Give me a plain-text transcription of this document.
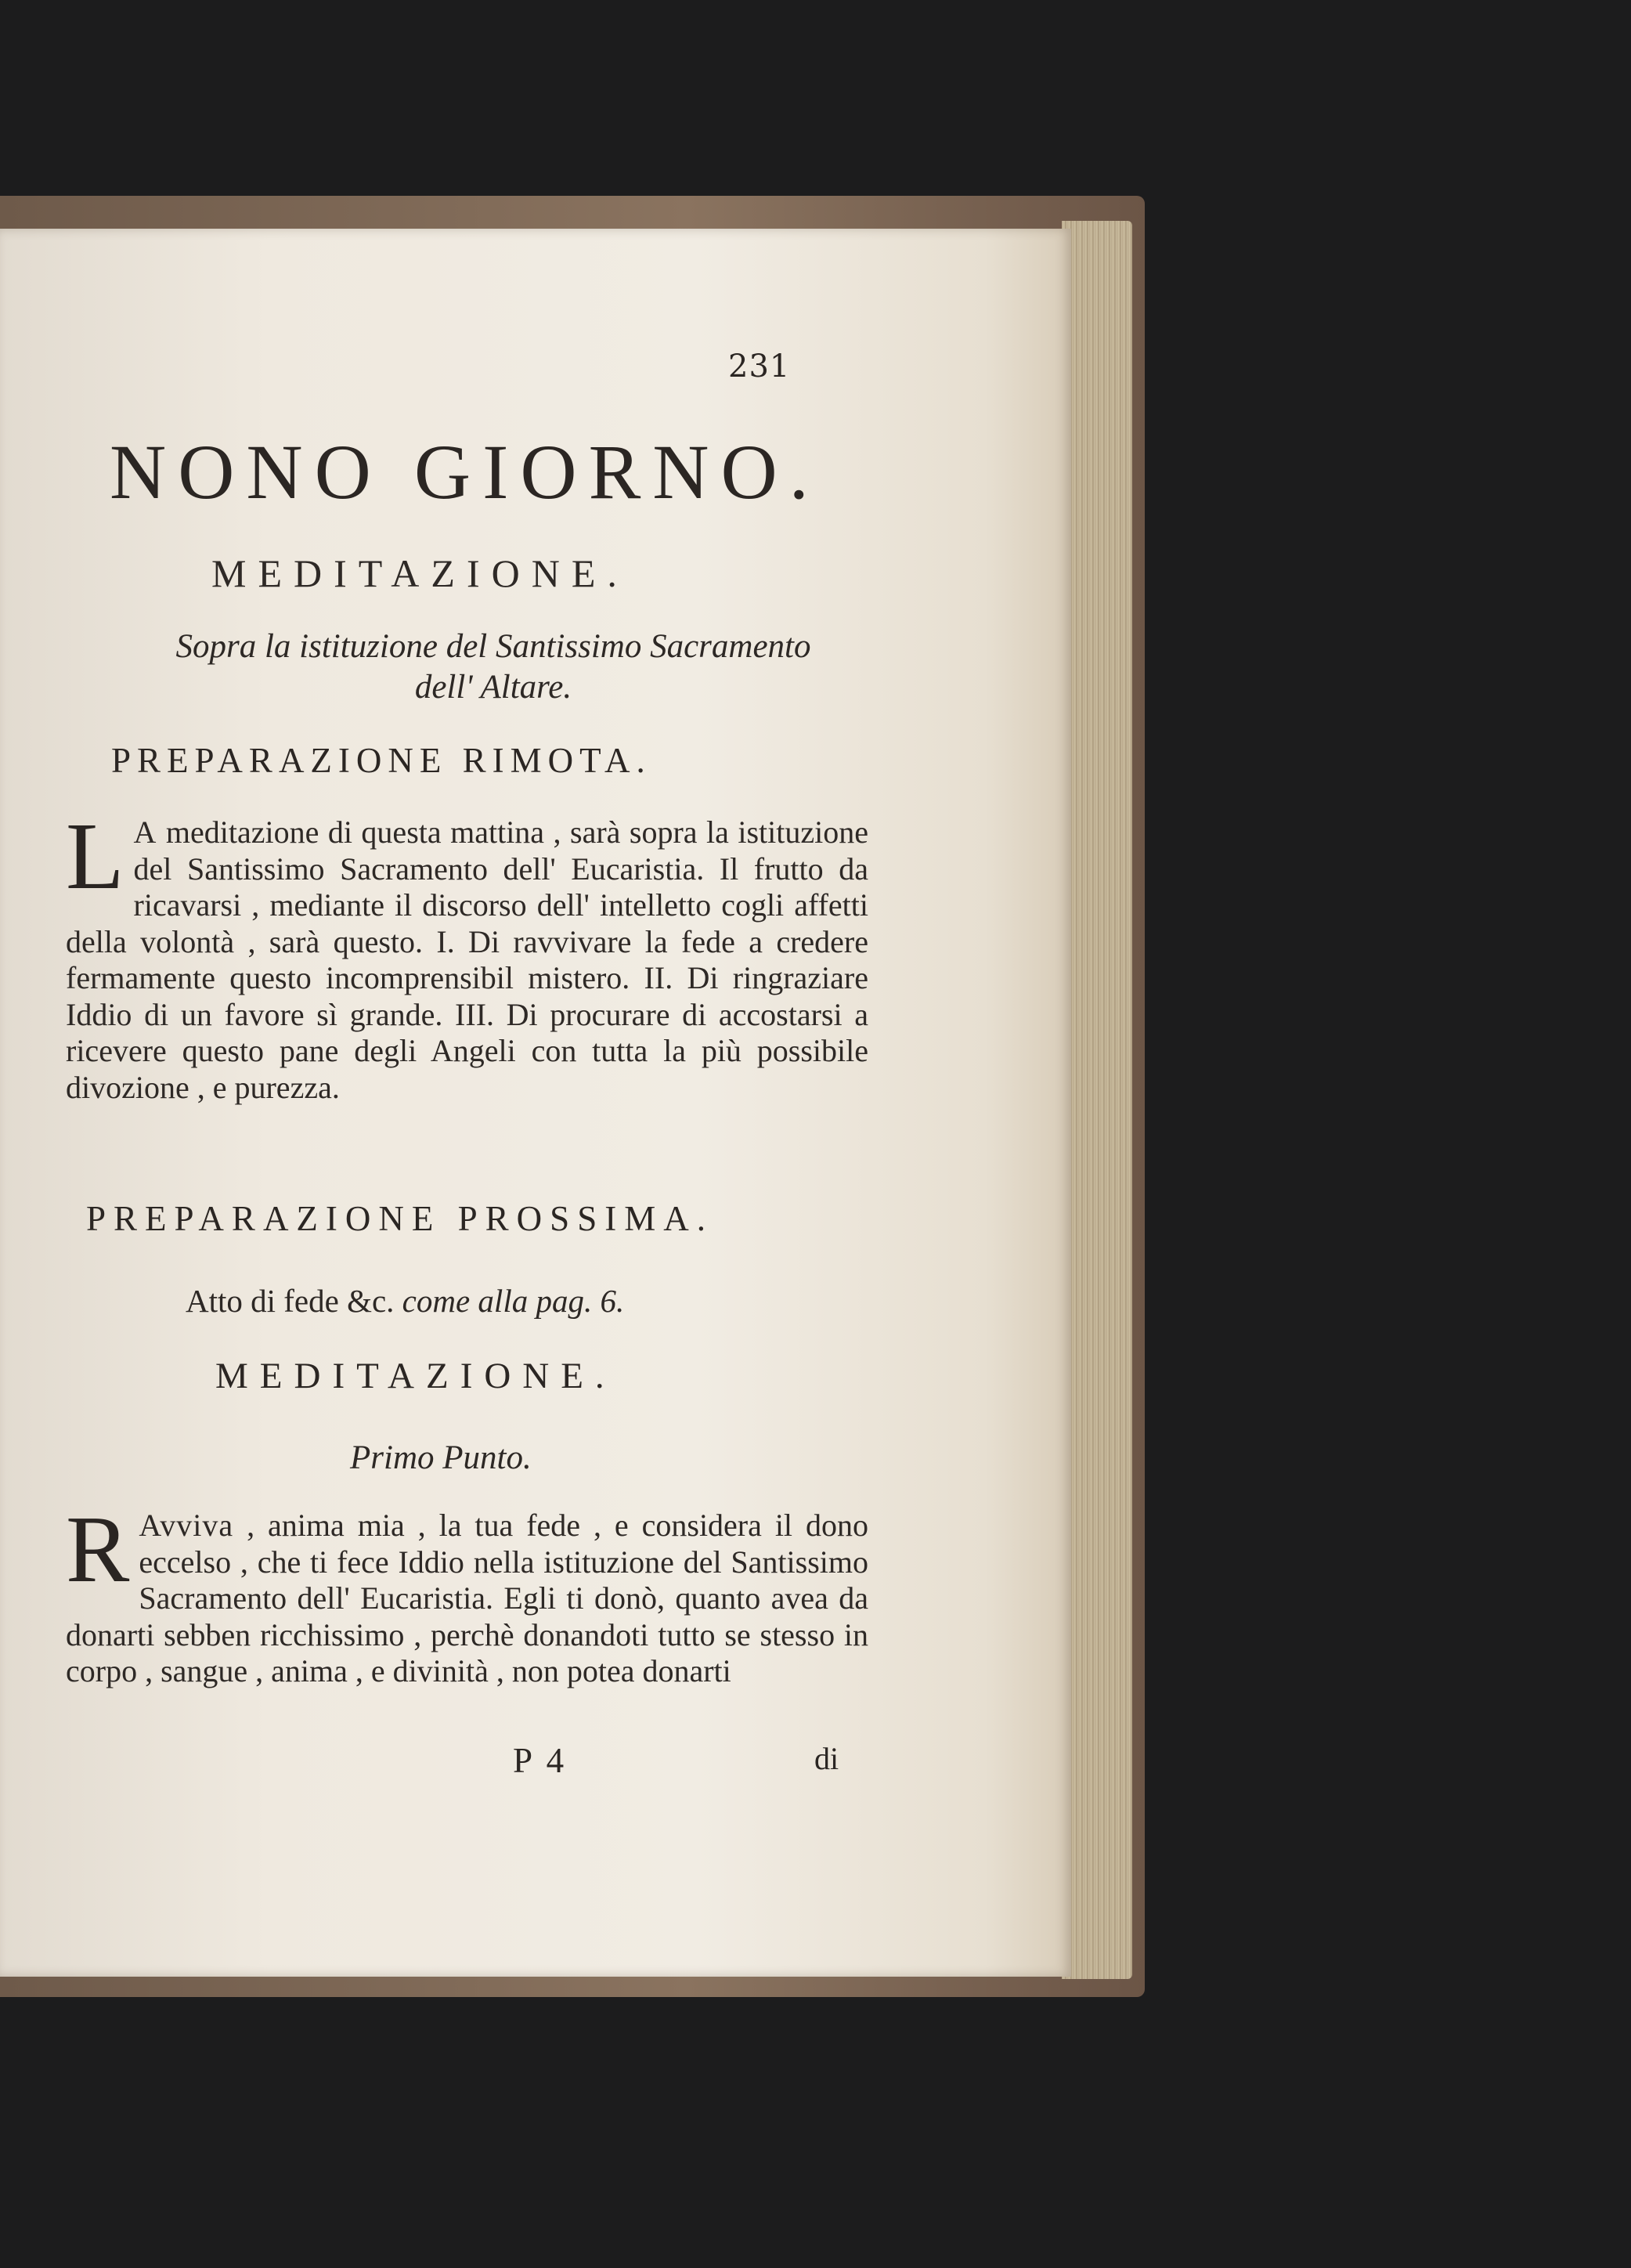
231
NONO GIORNO.
MEDITAZIONE.
Sopra la istituzione del Santissimo Sacramento
dell' Altare.
PREPARAZIONE RIMOTA.
L A meditazione di questa mattina , sarà sopra la istituzione del Santissimo Sacramento dell' Eucaristia. Il frutto da ricavarsi , mediante il discorso dell' intelletto cogli affetti della volontà , sarà questo. I. Di ravvivare la fede a credere fermamente questo incomprensibil mistero. II. Di ringraziare Iddio di un favore sì grande. III. Di procurare di accostarsi a ricevere questo pane degli Angeli con tutta la più possibile divozione , e purezza.
PREPARAZIONE PROSSIMA.
Atto di fede &c. come alla pag. 6.
MEDITAZIONE.
Primo Punto.
R Avviva , anima mia , la tua fede , e considera il dono eccelso , che ti fece Iddio nella istituzione del Santissimo Sacramento dell' Eucaristia. Egli ti donò, quanto avea da donarti sebben ricchissimo , perchè donandoti tutto se stesso in corpo , sangue , anima , e divinità , non potea donarti
P 4	di
